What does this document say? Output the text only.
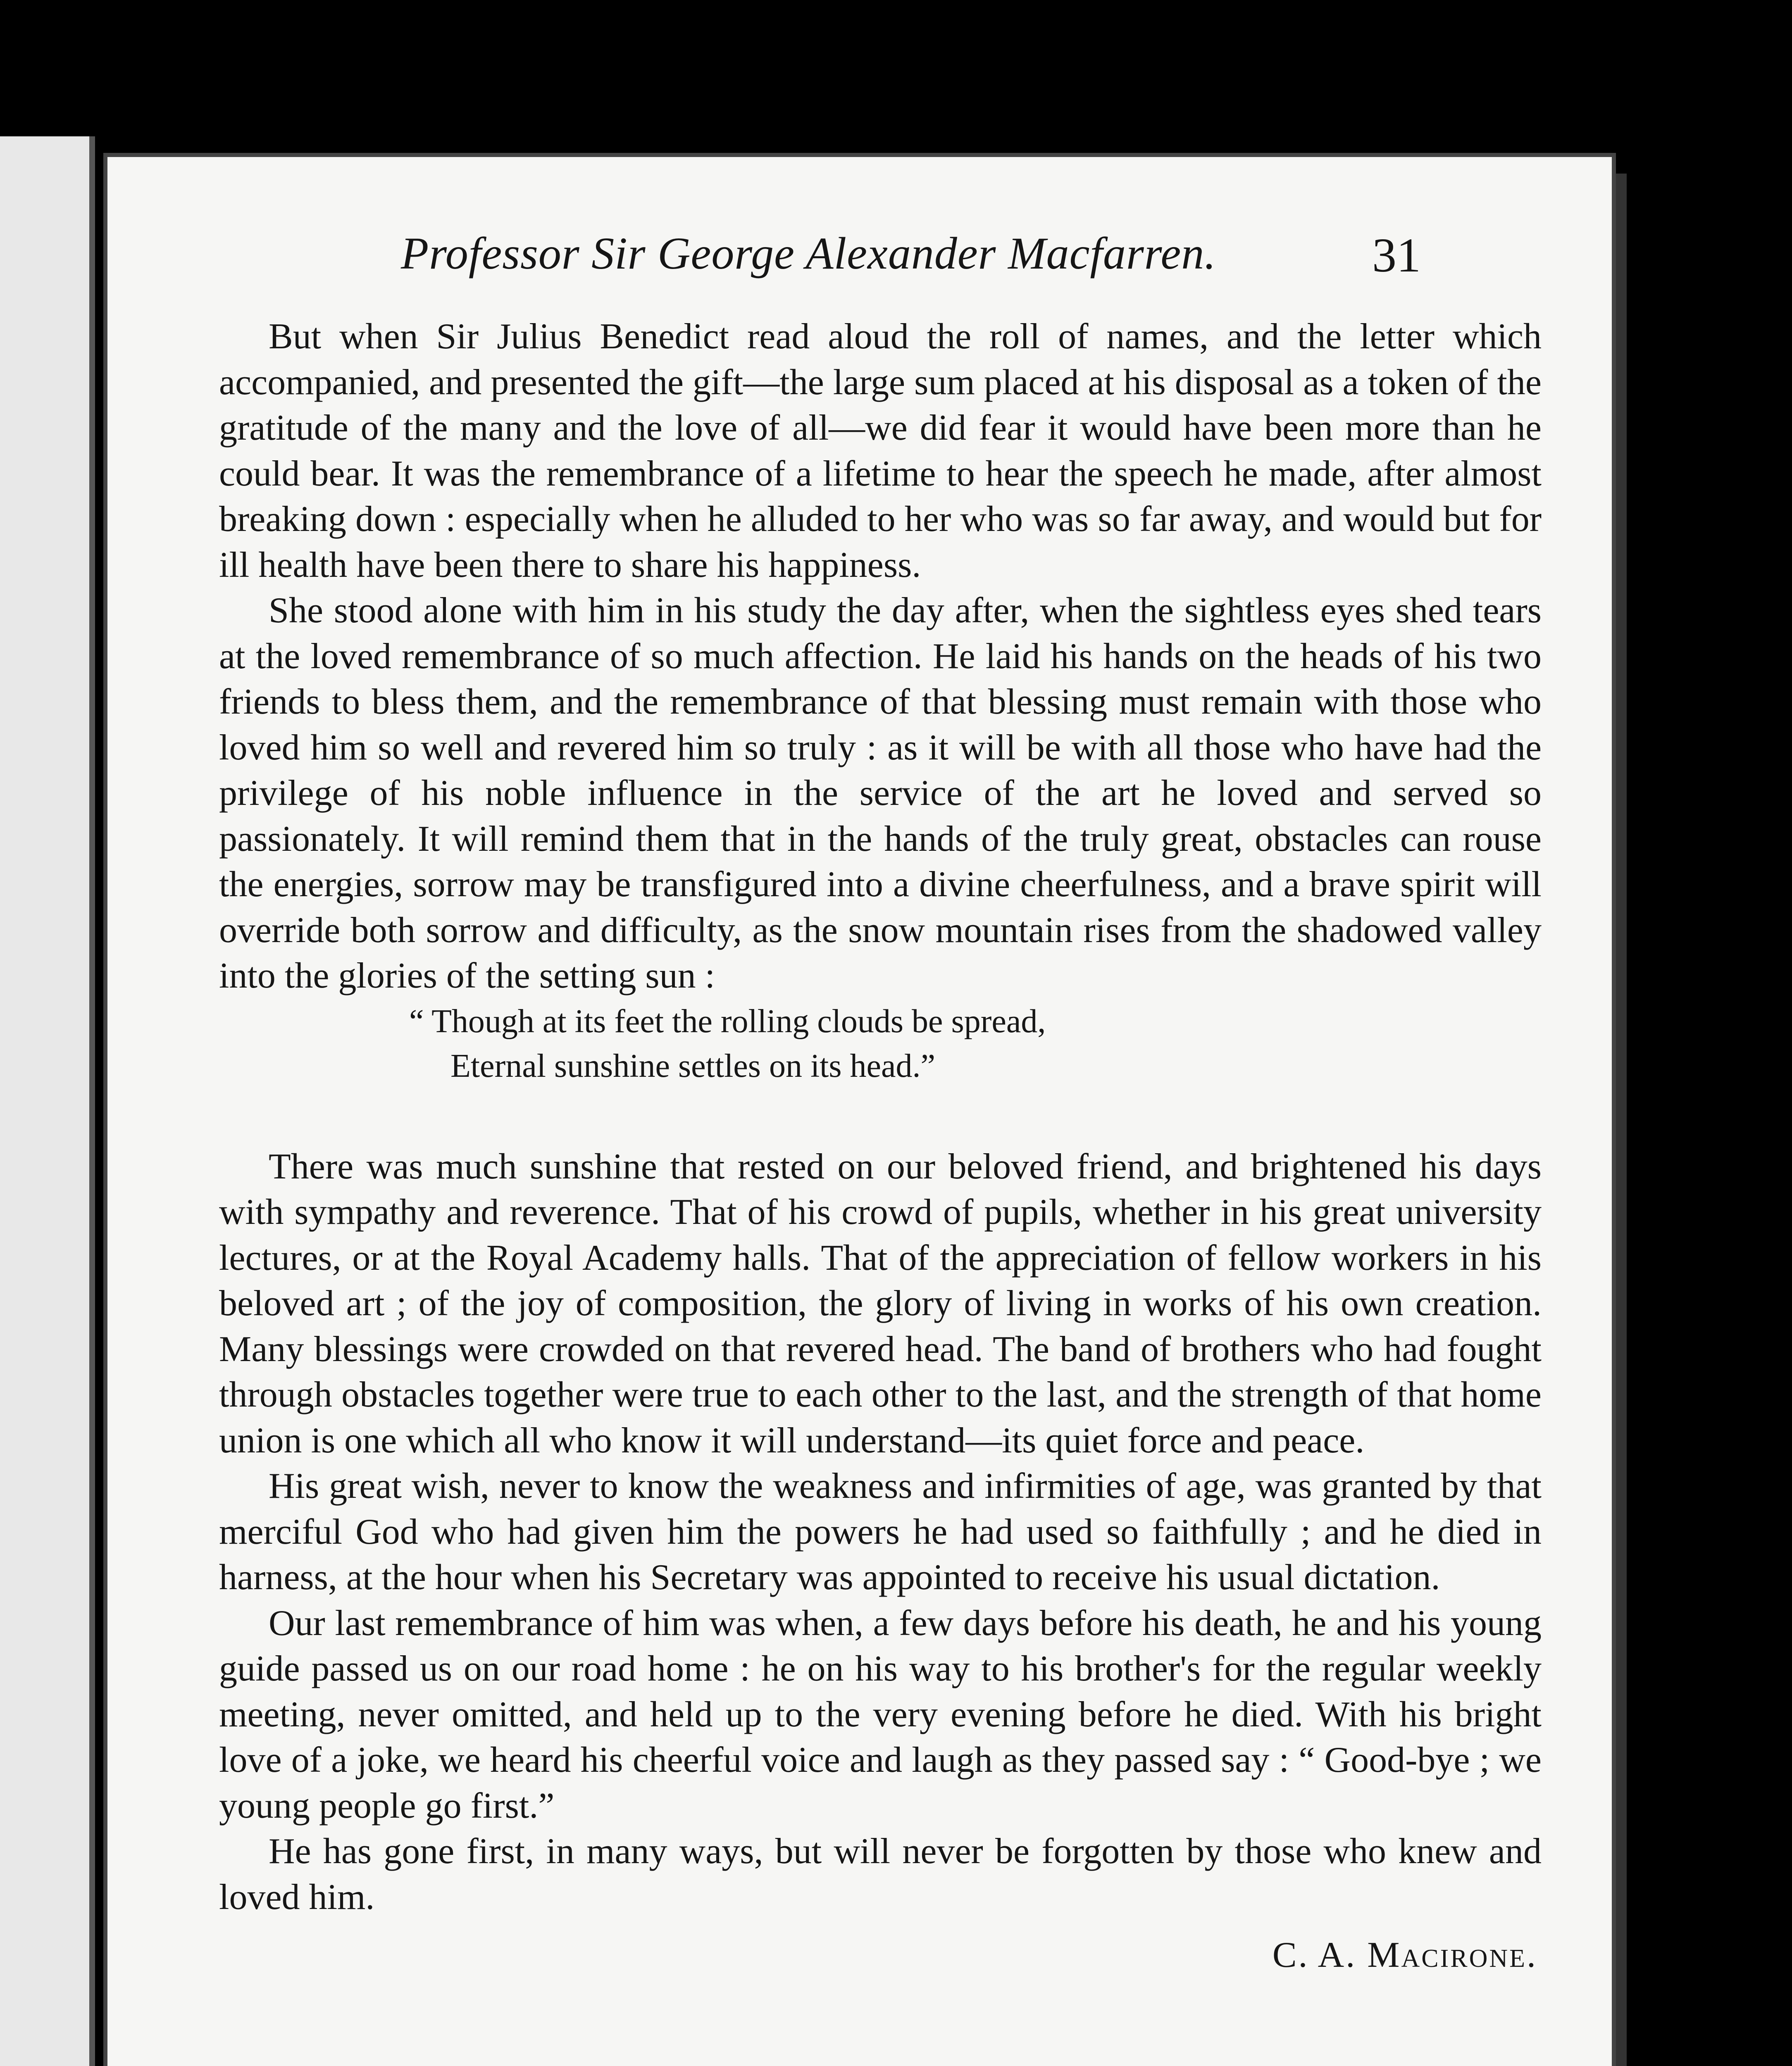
Professor Sir George Alexander Macfarren.	31

But when Sir Julius Benedict read aloud the roll of names, and the letter which accompanied, and presented the gift—the large sum placed at his disposal as a token of the gratitude of the many and the love of all—we did fear it would have been more than he could bear. It was the remembrance of a lifetime to hear the speech he made, after almost breaking down : especially when he alluded to her who was so far away, and would but for ill health have been there to share his happiness.

She stood alone with him in his study the day after, when the sightless eyes shed tears at the loved remembrance of so much affection. He laid his hands on the heads of his two friends to bless them, and the remembrance of that blessing must remain with those who loved him so well and revered him so truly : as it will be with all those who have had the privilege of his noble influence in the service of the art he loved and served so passionately. It will remind them that in the hands of the truly great, obstacles can rouse the energies, sorrow may be transfigured into a divine cheerfulness, and a brave spirit will override both sorrow and difficulty, as the snow mountain rises from the shadowed valley into the glories of the setting sun :

“ Though at its feet the rolling clouds be spread,

Eternal sunshine settles on its head.”

There was much sunshine that rested on our beloved friend, and brightened his days with sympathy and reverence. That of his crowd of pupils, whether in his great university lectures, or at the Royal Academy halls. That of the appreciation of fellow workers in his beloved art ; of the joy of composition, the glory of living in works of his own creation. Many blessings were crowded on that revered head. The band of brothers who had fought through obstacles together were true to each other to the last, and the strength of that home union is one which all who know it will understand—its quiet force and peace.

His great wish, never to know the weakness and infirmities of age, was granted by that merciful God who had given him the powers he had used so faithfully ; and he died in harness, at the hour when his Secretary was appointed to receive his usual dictation.

Our last remembrance of him was when, a few days before his death, he and his young guide passed us on our road home : he on his way to his brother's for the regular weekly meeting, never omitted, and held up to the very evening before he died. With his bright love of a joke, we heard his cheerful voice and laugh as they passed say : “ Good-bye ; we young people go first.”

He has gone first, in many ways, but will never be forgotten by those who knew and loved him.

C. A. Macirone.
